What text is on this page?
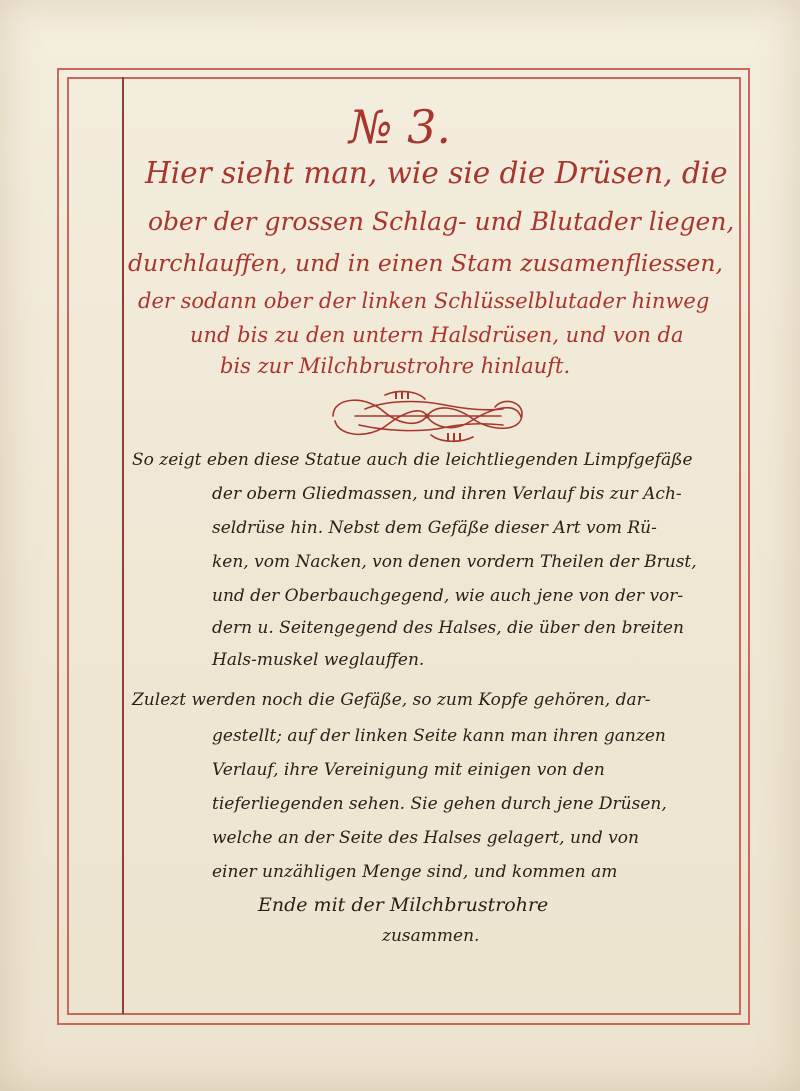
№ 3.
Hier sieht man, wie sie die Drüsen, die
ober der grossen Schlag- und Blutader liegen,
durchlauffen, und in einen Stam zusamenfliessen,
der sodann ober der linken Schlüsselblutader hinweg
und bis zu den untern Halsdrüsen, und von da
bis zur Milchbrustrohre hinlauft.
So zeigt eben diese Statue auch die leichtliegenden Limpfgefäße
der obern Gliedmassen, und ihren Verlauf bis zur Ach-
seldrüse hin. Nebst dem Gefäße dieser Art vom Rü-
ken, vom Nacken, von denen vordern Theilen der Brust,
und der Oberbauchgegend, wie auch jene von der vor-
dern u. Seitengegend des Halses, die über den breiten
Hals-muskel weglauffen.
Zulezt werden noch die Gefäße, so zum Kopfe gehören, dar-
gestellt; auf der linken Seite kann man ihren ganzen
Verlauf, ihre Vereinigung mit einigen von den
tieferliegenden sehen. Sie gehen durch jene Drüsen,
welche an der Seite des Halses gelagert, und von
einer unzähligen Menge sind, und kommen am
Ende mit der Milchbrustrohre
zusammen.
